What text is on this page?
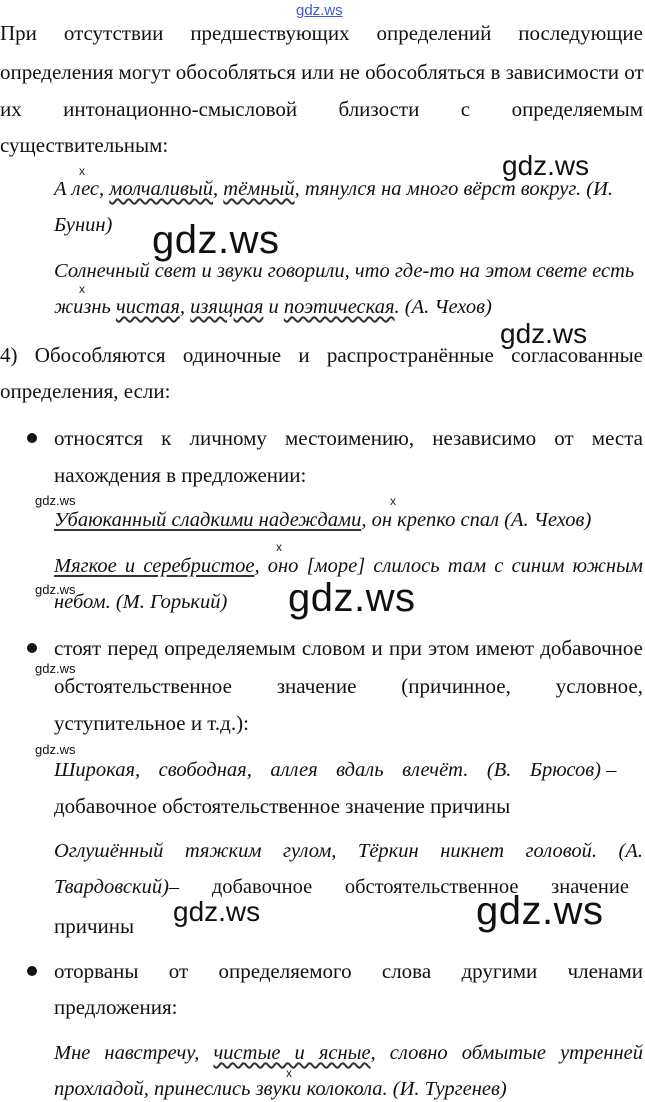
gdz.ws
gdz.ws
gdz.ws
gdz.ws
gdz.ws
gdz.ws	gdz.ws
gdz.ws
gdz.ws
gdz.ws	gdz.ws
При отсутствии предшествующих определений последующие
определения могут обособляться или не обособляться в зависимости от
их интонационно-смысловой близости с определяемым
существительным:
x
А лес, молчаливый, тёмный, тянулся на много вёрст вокруг. (И.
Бунин)
Солнечный свет и звуки говорили, что где-то на этом свете есть
x
жизнь чистая, изящная и поэтическая. (А. Чехов)
4) Обособляются одиночные и распространённые согласованные
определения, если:
относятся к личному местоимению, независимо от места
нахождения в предложении:
x
Убаюканный сладкими надеждами, он крепко спал (А. Чехов)
x
Мягкое и серебристое, оно [море] слилось там с синим южным
небом. (М. Горький)
стоят перед определяемым словом и при этом имеют добавочное
обстоятельственное значение (причинное, условное,
уступительное и т.д.):
Широкая, свободная, аллея вдаль влечёт. (В. Брюсов) –
добавочное обстоятельственное значение причины
Оглушённый тяжким гулом, Тёркин никнет головой. (А.
Твардовский)– добавочное обстоятельственное значение
причины
оторваны от определяемого слова другими членами
предложения:
Мне навстречу, чистые и ясные, словно обмытые утренней
x
прохладой, принеслись звуки колокола. (И. Тургенев)
